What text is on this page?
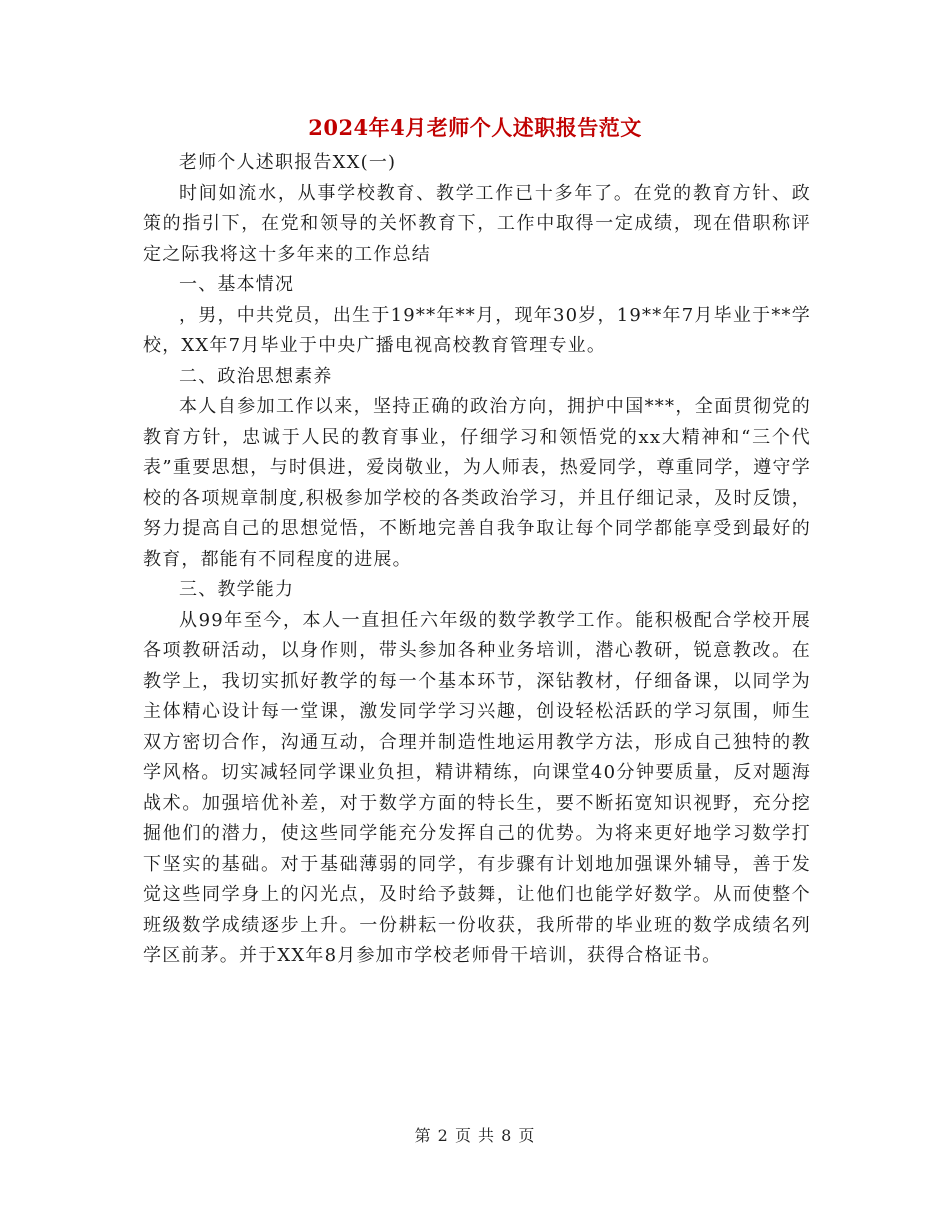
2024年4月老师个人述职报告范文

老师个人述职报告XX(一)

时间如流水，从事学校教育、教学工作已十多年了。在党的教育方针、政策的指引下，在党和领导的关怀教育下，工作中取得一定成绩，现在借职称评定之际我将这十多年来的工作总结

一、基本情况

，男，中共党员，出生于19**年**月，现年30岁，19**年7月毕业于**学校，XX年7月毕业于中央广播电视高校教育管理专业。

二、政治思想素养

本人自参加工作以来，坚持正确的政治方向，拥护中国***，全面贯彻党的教育方针，忠诚于人民的教育事业，仔细学习和领悟党的xx大精神和“三个代表”重要思想，与时俱进，爱岗敬业，为人师表，热爱同学，尊重同学，遵守学校的各项规章制度,积极参加学校的各类政治学习，并且仔细记录，及时反馈，努力提高自己的思想觉悟，不断地完善自我争取让每个同学都能享受到最好的教育，都能有不同程度的进展。

三、教学能力

从99年至今，本人一直担任六年级的数学教学工作。能积极配合学校开展各项教研活动，以身作则，带头参加各种业务培训，潜心教研，锐意教改。在教学上，我切实抓好教学的每一个基本环节，深钻教材，仔细备课，以同学为主体精心设计每一堂课，激发同学学习兴趣，创设轻松活跃的学习氛围，师生双方密切合作，沟通互动，合理并制造性地运用教学方法，形成自己独特的教学风格。切实减轻同学课业负担，精讲精练，向课堂40分钟要质量，反对题海战术。加强培优补差，对于数学方面的特长生，要不断拓宽知识视野，充分挖掘他们的潜力，使这些同学能充分发挥自己的优势。为将来更好地学习数学打下坚实的基础。对于基础薄弱的同学，有步骤有计划地加强课外辅导，善于发觉这些同学身上的闪光点，及时给予鼓舞，让他们也能学好数学。从而使整个班级数学成绩逐步上升。一份耕耘一份收获，我所带的毕业班的数学成绩名列学区前茅。并于XX年8月参加市学校老师骨干培训，获得合格证书。

第 2 页 共 8 页
